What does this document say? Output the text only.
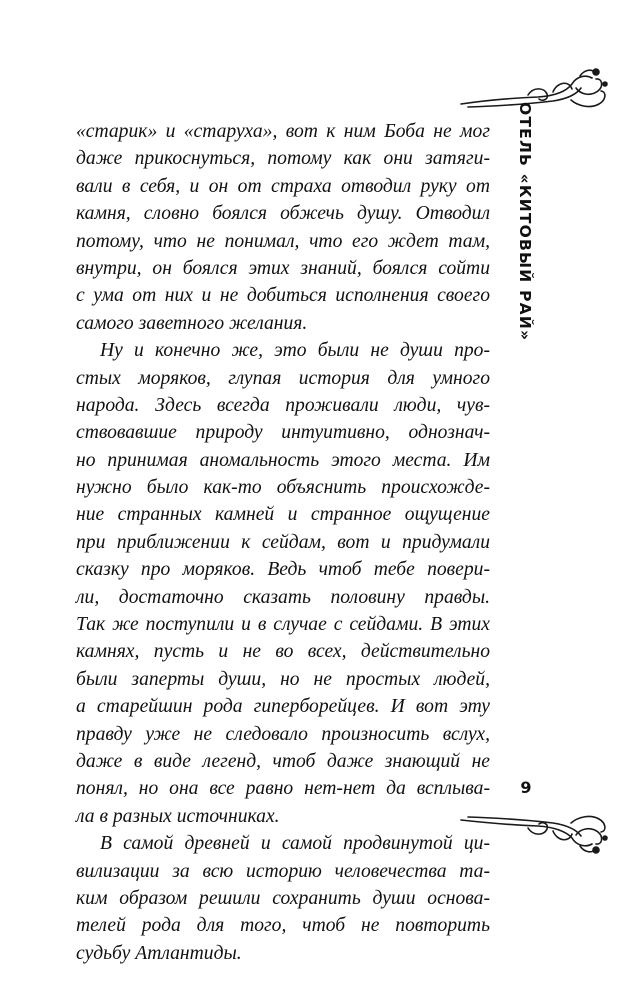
ОТЕЛЬ «КИТОВЫЙ РАЙ»
«старик» и «старуха», вот к ним Боба не мог
даже прикоснуться, потому как они затяги-
вали в себя, и он от страха отводил руку от
камня, словно боялся обжечь душу. Отводил
потому, что не понимал, что его ждет там,
внутри, он боялся этих знаний, боялся сойти
с ума от них и не добиться исполнения своего
самого заветного желания.
Ну и конечно же, это были не души про-
стых моряков, глупая история для умного
народа. Здесь всегда проживали люди, чув-
ствовавшие природу интуитивно, однознач-
но принимая аномальность этого места. Им
нужно было как-то объяснить происхожде-
ние странных камней и странное ощущение
при приближении к сейдам, вот и придумали
сказку про моряков. Ведь чтоб тебе повери-
ли, достаточно сказать половину правды.
Так же поступили и в случае с сейдами. В этих
камнях, пусть и не во всех, действительно
были заперты души, но не простых людей,
а старейшин рода гиперборейцев. И вот эту
правду уже не следовало произносить вслух,
даже в виде легенд, чтоб даже знающий не
понял, но она все равно нет-нет да всплыва-
ла в разных источниках.
В самой древней и самой продвинутой ци-
вилизации за всю историю человечества та-
ким образом решили сохранить души основа-
телей рода для того, чтоб не повторить
судьбу Атлантиды.
9
